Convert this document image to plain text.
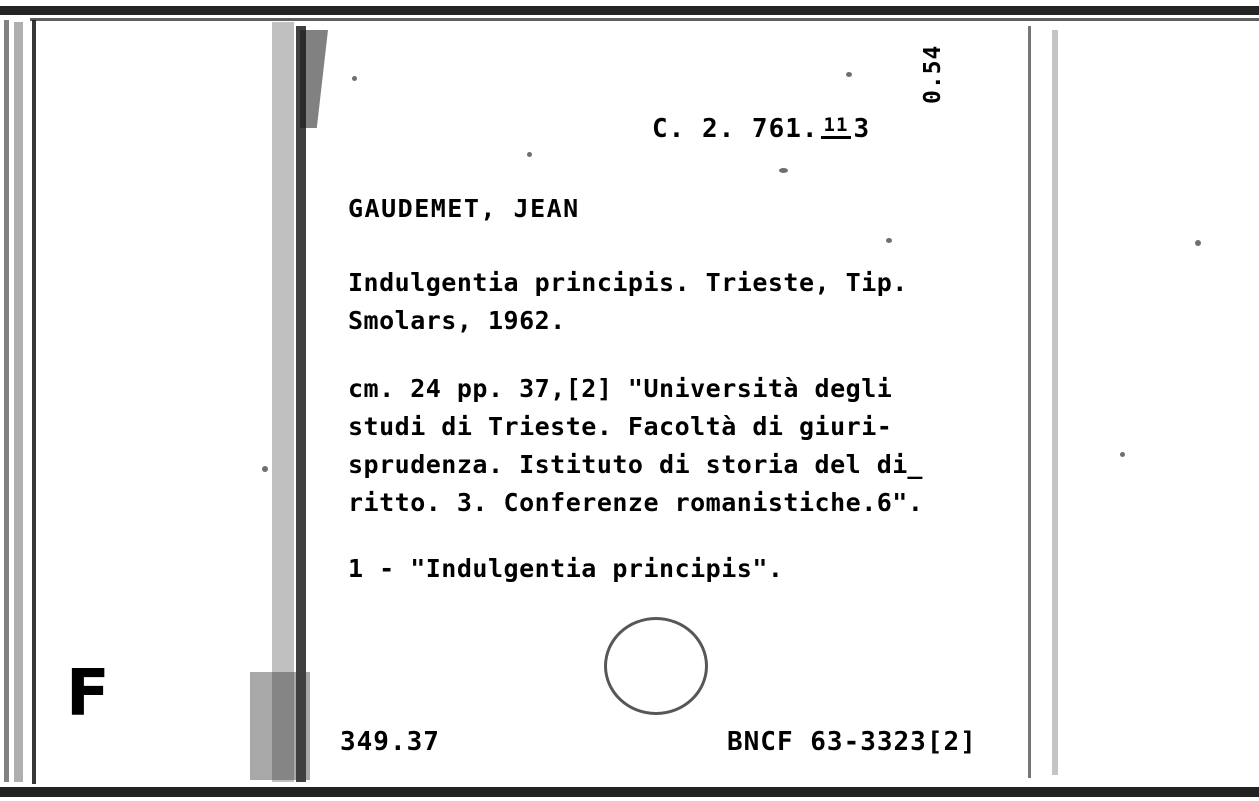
C. 2. 761. 11 3
0.54
GAUDEMET, JEAN
Indulgentia principis. Trieste, Tip.
Smolars, 1962.
cm. 24 pp. 37,[2] "Università degli
studi di Trieste. Facoltà di giuri-
sprudenza. Istituto di storia del di̲
ritto. 3. Conferenze romanistiche.6".
1 - "Indulgentia principis".
349.37	BNCF 63-3323[2]
F
